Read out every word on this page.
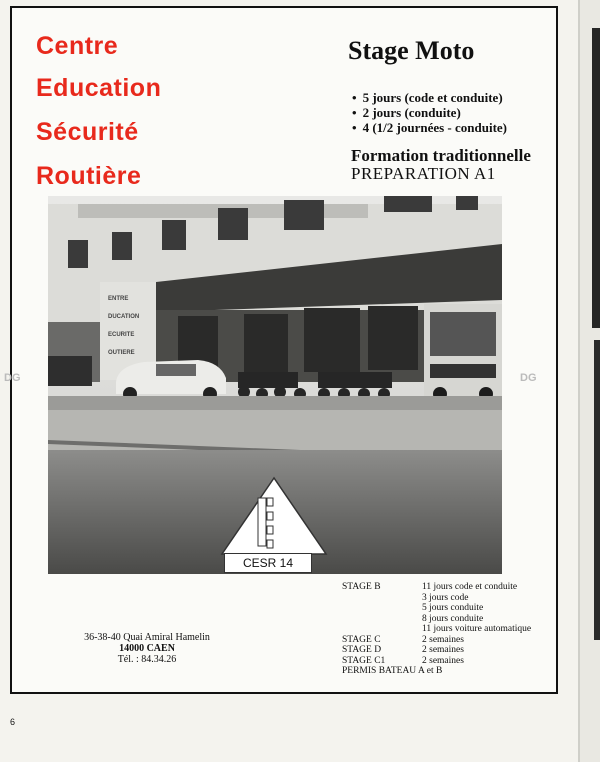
Centre
Education
Sécurité
Routière
Stage Moto
• 5 jours (code et conduite)
• 2 jours (conduite)
• 4 (1/2 journées - conduite)
Formation traditionnelle
PREPARATION A1
ENTRE
DUCATION
ECURITE
OUTIERE
CESR 14
DG	DG
36-38-40 Quai Amiral Hamelin
14000 CAEN
Tél. : 84.34.26
STAGE B	11 jours code et conduite
3 jours code
5 jours conduite
8 jours conduite
11 jours voiture automatique
STAGE C	2 semaines
STAGE D	2 semaines
STAGE C1	2 semaines
PERMIS BATEAU A et B
6
